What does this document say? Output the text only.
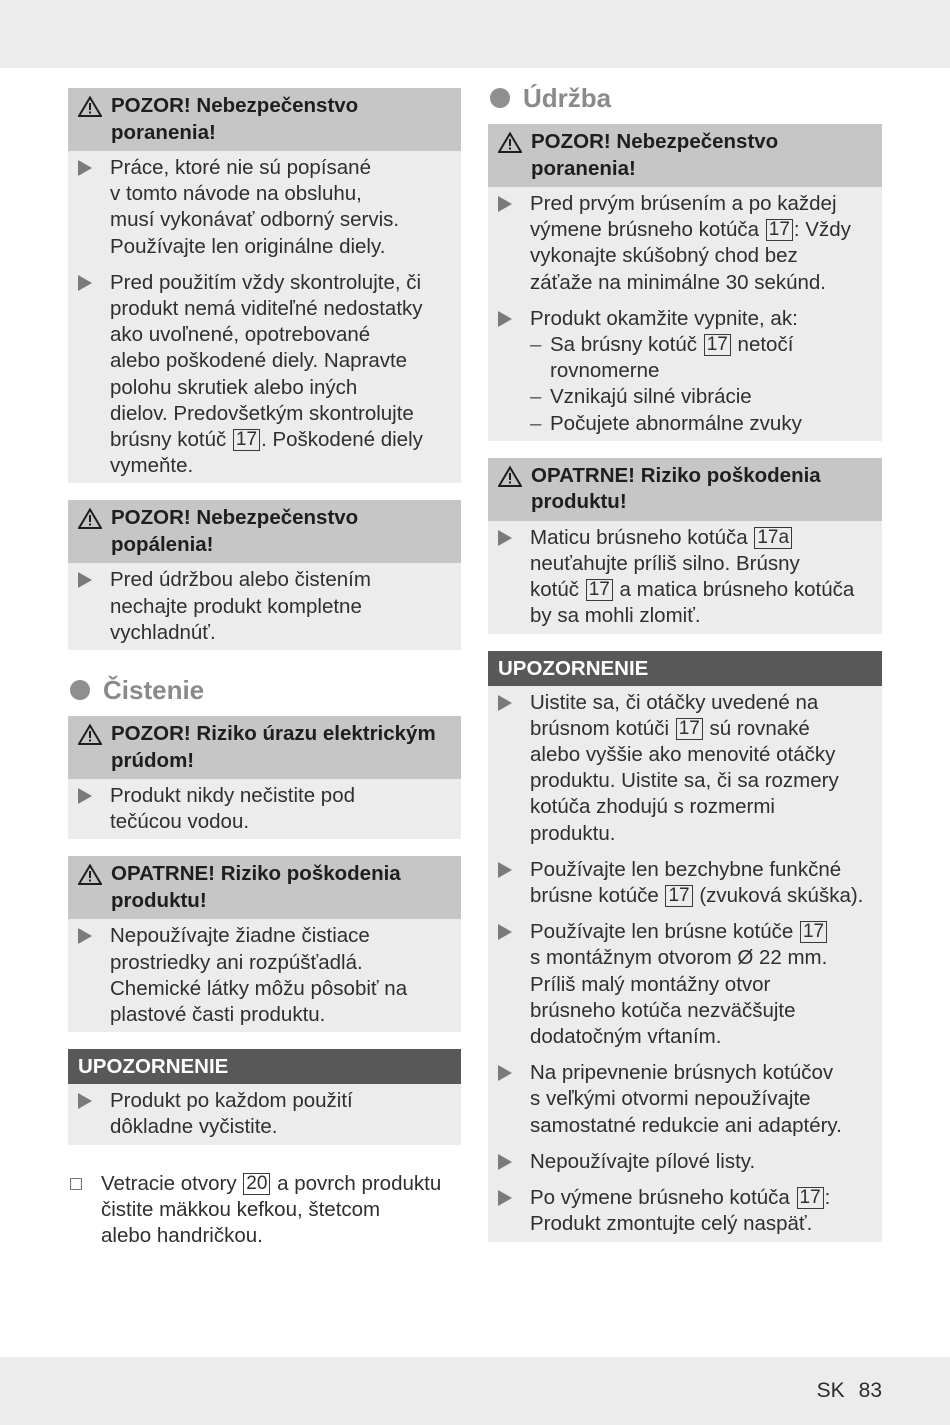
POZOR! Nebezpečenstvo poranenia!
Práce, ktoré nie sú popísané
v tomto návode na obsluhu,
musí vykonávať odborný servis.
Používajte len originálne diely.
Pred použitím vždy skontrolujte, či
produkt nemá viditeľné nedostatky
ako uvoľnené, opotrebované
alebo poškodené diely. Napravte
polohu skrutiek alebo iných
dielov. Predovšetkým skontrolujte
brúsny kotúč 17 . Poškodené diely
vymeňte.
POZOR! Nebezpečenstvo popálenia!
Pred údržbou alebo čistením
nechajte produkt kompletne
vychladnúť.
Čistenie
POZOR! Riziko úrazu elektrickým prúdom!
Produkt nikdy nečistite pod
tečúcou vodou.
OPATRNE! Riziko poškodenia produktu!
Nepoužívajte žiadne čistiace
prostriedky ani rozpúšťadlá.
Chemické látky môžu pôsobiť na
plastové časti produktu.
UPOZORNENIE
Produkt po každom použití
dôkladne vyčistite.
Vetracie otvory 20 a povrch produktu
čistite mäkkou kefkou, štetcom
alebo handričkou.
Údržba
POZOR! Nebezpečenstvo poranenia!
Pred prvým brúsením a po každej
výmene brúsneho kotúča 17 : Vždy
vykonajte skúšobný chod bez
záťaže na minimálne 30 sekúnd.
Produkt okamžite vypnite, ak:
– Sa brúsny kotúč 17 netočí
rovnomerne
– Vznikajú silné vibrácie
– Počujete abnormálne zvuky
OPATRNE! Riziko poškodenia produktu!
Maticu brúsneho kotúča 17a
neuťahujte príliš silno. Brúsny
kotúč 17 a matica brúsneho kotúča
by sa mohli zlomiť.
UPOZORNENIE
Uistite sa, či otáčky uvedené na
brúsnom kotúči 17 sú rovnaké
alebo vyššie ako menovité otáčky
produktu. Uistite sa, či sa rozmery
kotúča zhodujú s rozmermi
produktu.
Používajte len bezchybne funkčné
brúsne kotúče 17 (zvuková skúška).
Používajte len brúsne kotúče 17
s montážnym otvorom Ø 22 mm.
Príliš malý montážny otvor
brúsneho kotúča nezväčšujte
dodatočným vŕtaním.
Na pripevnenie brúsnych kotúčov
s veľkými otvormi nepoužívajte
samostatné redukcie ani adaptéry.
Nepoužívajte pílové listy.
Po výmene brúsneho kotúča 17 :
Produkt zmontujte celý naspäť.
SK 83
